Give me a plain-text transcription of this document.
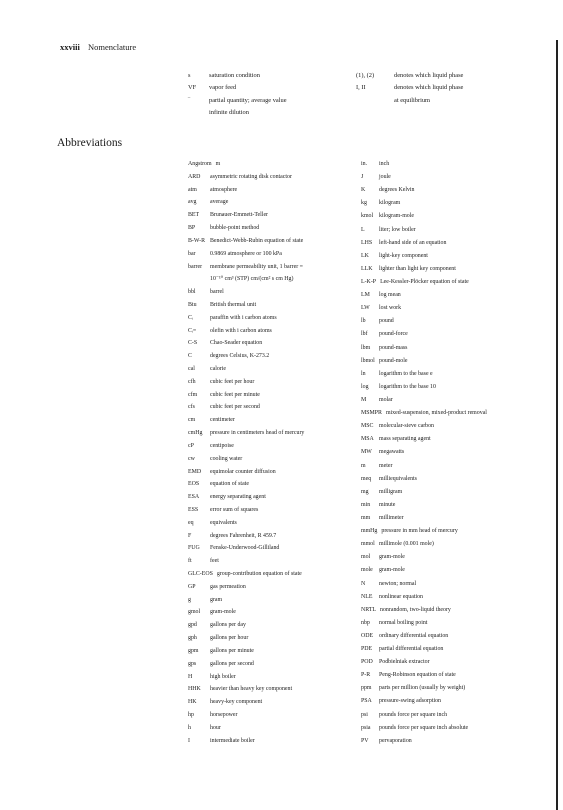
xxviii Nomenclature
s	saturation condition
VF vapor feed
‾	partial quantity; average value
infinite dilution
(1), (2)	denotes which liquid phase
I, II	denotes which liquid phase
at equilibrium
Abbreviations
Angstrom m
ARD asymmetric rotating disk contactor
atm atmosphere
avg average
BET Brunauer-Emmett-Teller
BP	bubble-point method
B-W-R Benedict-Webb-Rubin equation of state
bar 0.9869 atmosphere or 100 kPa
barrer membrane permeability unit, 1 barrer =
10⁻¹⁰ cm³ (STP) cm/(cm² s cm Hg)
bbl barrel
Btu British thermal unit
Cᵢ	paraffin with i carbon atoms
Cᵢ= olefin with i carbon atoms
C-S Chao-Seader equation
C	degrees Celsius, K-273.2
cal	calorie
cfh cubic feet per hour
cfm cubic feet per minute
cfs	cubic feet per second
cm	centimeter
cmHg pressure in centimeters head of mercury
cP	centipoise
cw	cooling water
EMD equimolar counter diffusion
EOS equation of state
ESA energy separating agent
ESS error sum of squares
eq	equivalents
F	degrees Fahrenheit, R 459.7
FUG Fenske-Underwood-Gilliland
ft	feet
GLC-EOS group-contribution equation of state
GP gas permeation
g	gram
gmol gram-mole
gpd gallons per day
gph gallons per hour
gpm gallons per minute
gps gallons per second
H	high boiler
HHK heavier than heavy key component
HK heavy-key component
hp	horsepower
h	hour
I	intermediate boiler
in. inch
J	joule
K degrees Kelvin
kg kilogram
kmol kilogram-mole
L liter; low boiler
LHS left-hand side of an equation
LK light-key component
LLK lighter than light key component
L-K-P Lee-Kessler-Plöcker equation of state
LM log mean
LW lost work
lb pound
lbf pound-force
lbm pound-mass
lbmol pound-mole
ln logarithm to the base e
log logarithm to the base 10
M molar
MSMPR mixed-suspension, mixed-product removal
MSC molecular-sieve carbon
MSA mass separating agent
MW megawatts
m meter
meq milliequivalents
mg milligram
min minute
mm millimeter
mmHg pressure in mm head of mercury
mmol millimole (0.001 mole)
mol gram-mole
mole gram-mole
N newton; normal
NLE nonlinear equation
NRTL nonrandom, two-liquid theory
nbp normal boiling point
ODE ordinary differential equation
PDE partial differential equation
POD Podbielniak extractor
P-R Peng-Robinson equation of state
ppm parts per million (usually by weight)
PSA pressure-swing adsorption
psi pounds force per square inch
psia pounds force per square inch absolute
PV pervaporation
